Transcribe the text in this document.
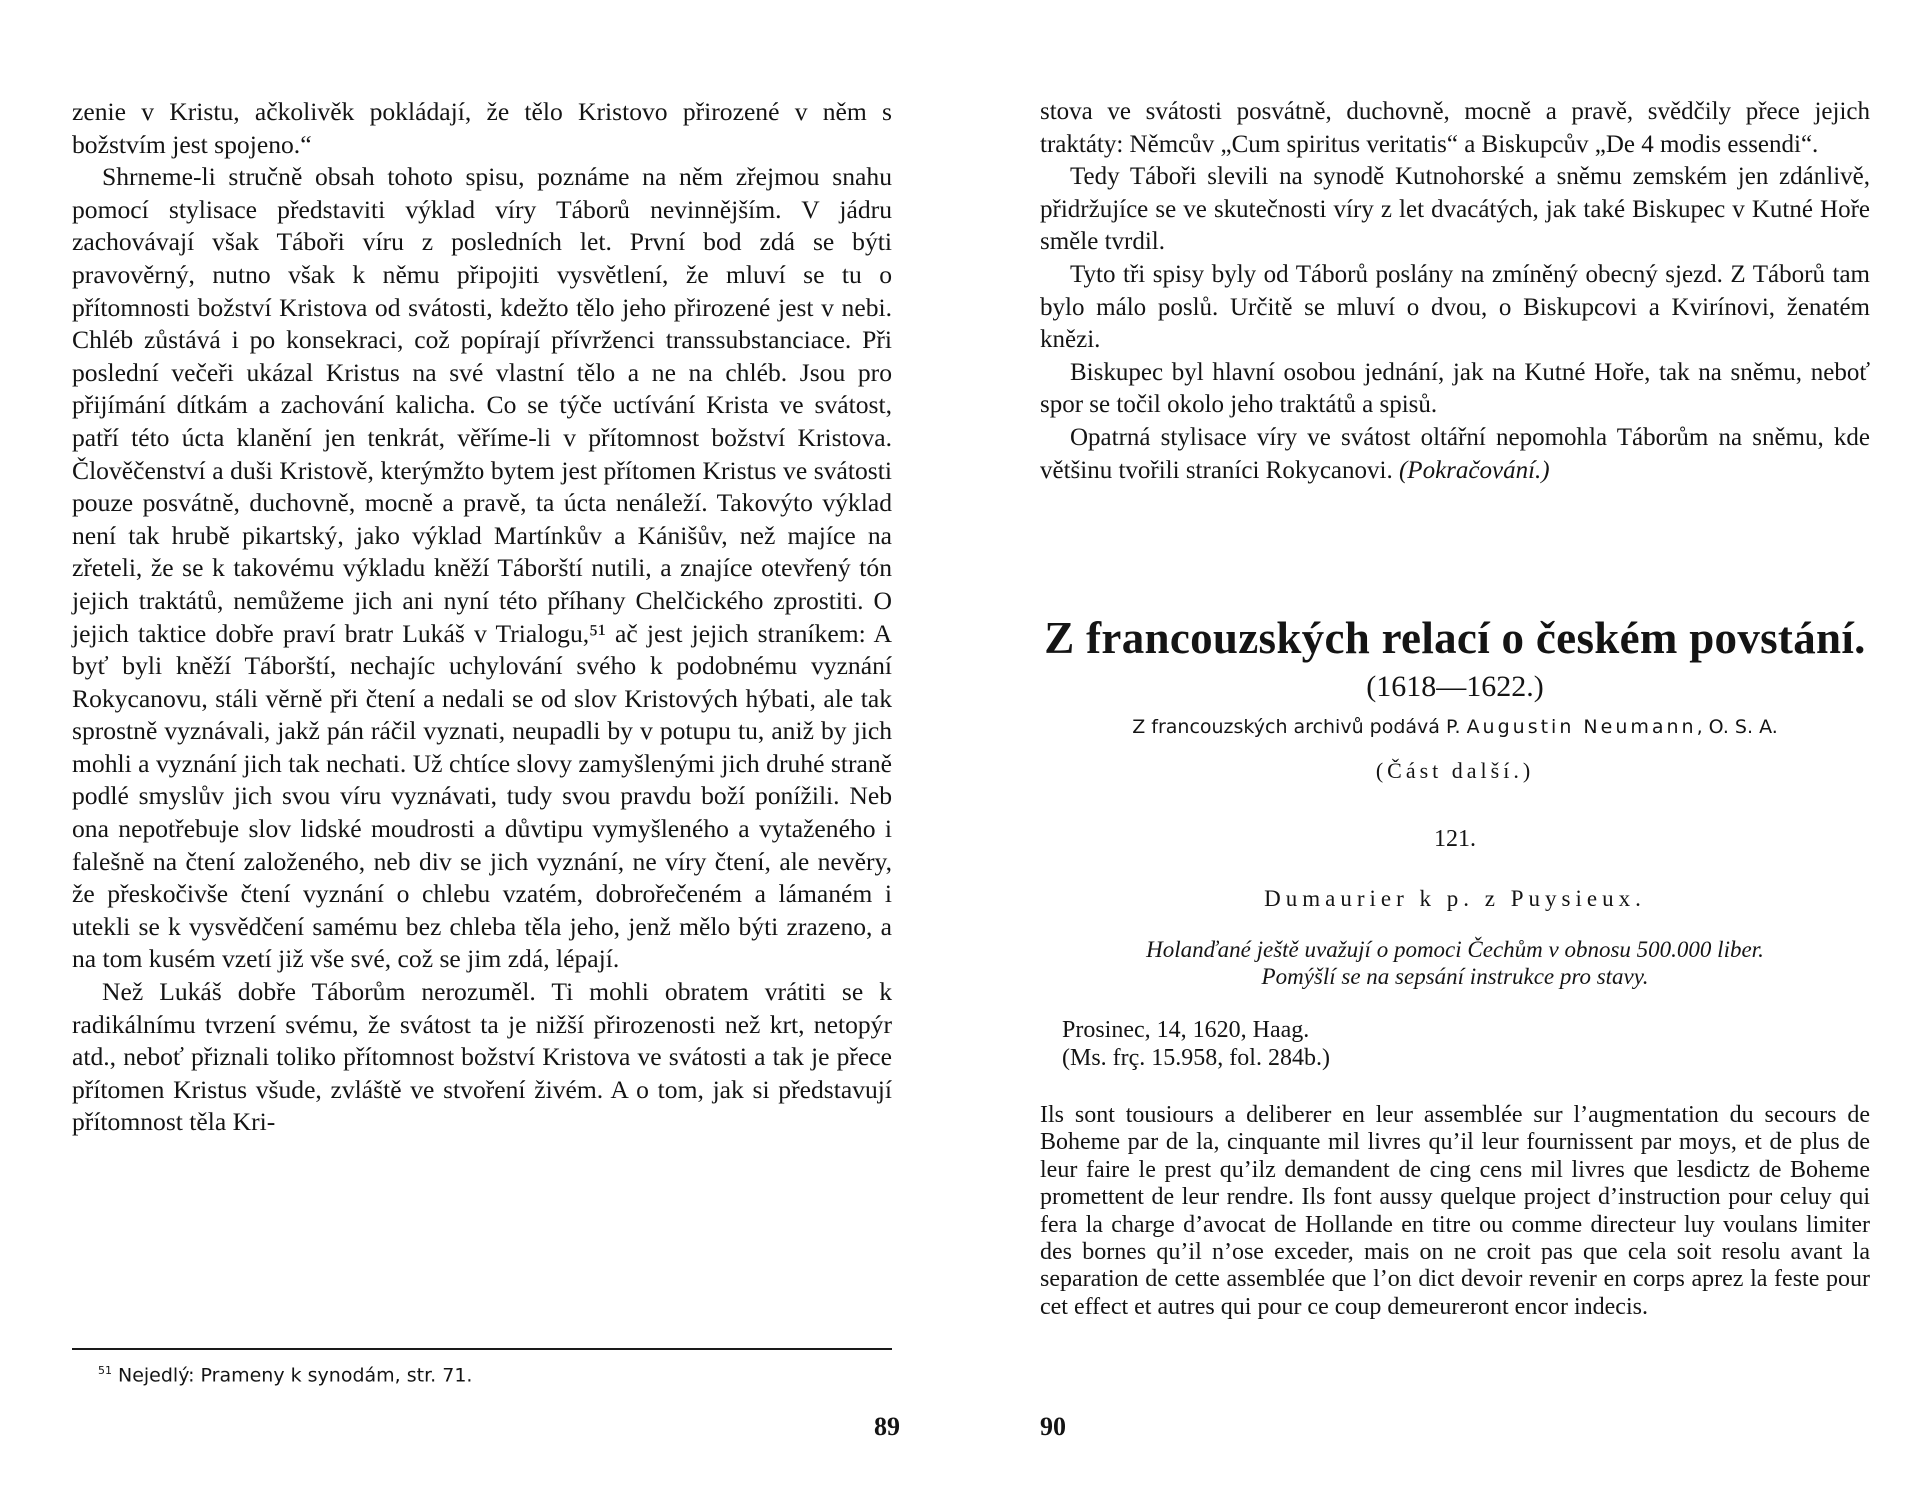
zenie v Kristu, ačkolivěk pokládají, že tělo Kristovo přirozené v něm s božstvím jest spojeno.“

Shrneme-li stručně obsah tohoto spisu, poznáme na něm zřejmou snahu pomocí stylisace představiti výklad víry Táborů nevinnějším. V jádru zachovávají však Táboři víru z posledních let. První bod zdá se býti pravověrný, nutno však k němu připojiti vysvětlení, že mluví se tu o přítomnosti božství Kristova od svátosti, kdežto tělo jeho přirozené jest v nebi. Chléb zůstává i po konsekraci, což popírají přívrženci transsubstanciace. Při poslední večeři ukázal Kristus na své vlastní tělo a ne na chléb. Jsou pro přijímání dítkám a zachování kalicha. Co se týče uctívání Krista ve svátost, patří této úcta klanění jen tenkrát, věříme-li v přítomnost božství Kristova. Člověčenství a duši Kristově, kterýmžto bytem jest přítomen Kristus ve svátosti pouze posvátně, duchovně, mocně a pravě, ta úcta nenáleží. Takovýto výklad není tak hrubě pikartský, jako výklad Martínkův a Kánišův, než majíce na zřeteli, že se k takovému výkladu kněží Táborští nutili, a znajíce otevřený tón jejich traktátů, nemůžeme jich ani nyní této příhany Chelčického zprostiti. O jejich taktice dobře praví bratr Lukáš v Trialogu,⁵¹ ač jest jejich straníkem: A byť byli kněží Táborští, nechajíc uchylování svého k podobnému vyznání Rokycanovu, stáli věrně při čtení a nedali se od slov Kristových hýbati, ale tak sprostně vyznávali, jakž pán ráčil vyznati, neupadli by v potupu tu, aniž by jich mohli a vyznání jich tak nechati. Už chtíce slovy zamyšlenými jich druhé straně podlé smyslův jich svou víru vyznávati, tudy svou pravdu boží ponížili. Neb ona nepotřebuje slov lidské moudrosti a důvtipu vymyšleného a vytaženého i falešně na čtení založeného, neb div se jich vyznání, ne víry čtení, ale nevěry, že přeskočivše čtení vyznání o chlebu vzatém, dobrořečeném a lámaném i utekli se k vysvědčení samému bez chleba těla jeho, jenž mělo býti zrazeno, a na tom kusém vzetí již vše své, což se jim zdá, lépají.

Než Lukáš dobře Táborům nerozuměl. Ti mohli obratem vrátiti se k radikálnímu tvrzení svému, že svátost ta je nižší přirozenosti než krt, netopýr atd., neboť přiznali toliko přítomnost božství Kristova ve svátosti a tak je přece přítomen Kristus všude, zvláště ve stvoření živém. A o tom, jak si představují přítomnost těla Kri-

$^{51}$ Nejedlý: Prameny k synodám, str. 71.

89

stova ve svátosti posvátně, duchovně, mocně a pravě, svědčily přece jejich traktáty: Němcův „Cum spiritus veritatis“ a Biskupcův „De 4 modis essendi“.

Tedy Táboři slevili na synodě Kutnohorské a sněmu zemském jen zdánlivě, přidržujíce se ve skutečnosti víry z let dvacátých, jak také Biskupec v Kutné Hoře směle tvrdil.

Tyto tři spisy byly od Táborů poslány na zmíněný obecný sjezd. Z Táborů tam bylo málo poslů. Určitě se mluví o dvou, o Biskupcovi a Kvirínovi, ženatém knězi.

Biskupec byl hlavní osobou jednání, jak na Kutné Hoře, tak na sněmu, neboť spor se točil okolo jeho traktátů a spisů.

Opatrná stylisace víry ve svátost oltářní nepomohla Táborům na sněmu, kde většinu tvořili straníci Rokycanovi. (Pokračování.)

Z francouzských relací o českém povstání.

(1618—1622.)

Z francouzských archivů podává P. Augustin Neumann, O. S. A.

(Část další.)

121.

Dumaurier k p. z Puysieux.

Holanďané ještě uvažují o pomoci Čechům v obnosu 500.000 liber.
Pomýšlí se na sepsání instrukce pro stavy.

Prosinec, 14, 1620, Haag.
(Ms. frç. 15.958, fol. 284b.)

Ils sont tousiours a deliberer en leur assemblée sur l’augmentation du secours de Boheme par de la, cinquante mil livres qu’il leur fournissent par moys, et de plus de leur faire le prest qu’ilz demandent de cing cens mil livres que lesdictz de Boheme promettent de leur rendre. Ils font aussy quelque project d’instruction pour celuy qui fera la charge d’avocat de Hollande en titre ou comme directeur luy voulans limiter des bornes qu’il n’ose exceder, mais on ne croit pas que cela soit resolu avant la separation de cette assemblée que l’on dict devoir revenir en corps aprez la feste pour cet effect et autres qui pour ce coup demeureront encor indecis.

90
